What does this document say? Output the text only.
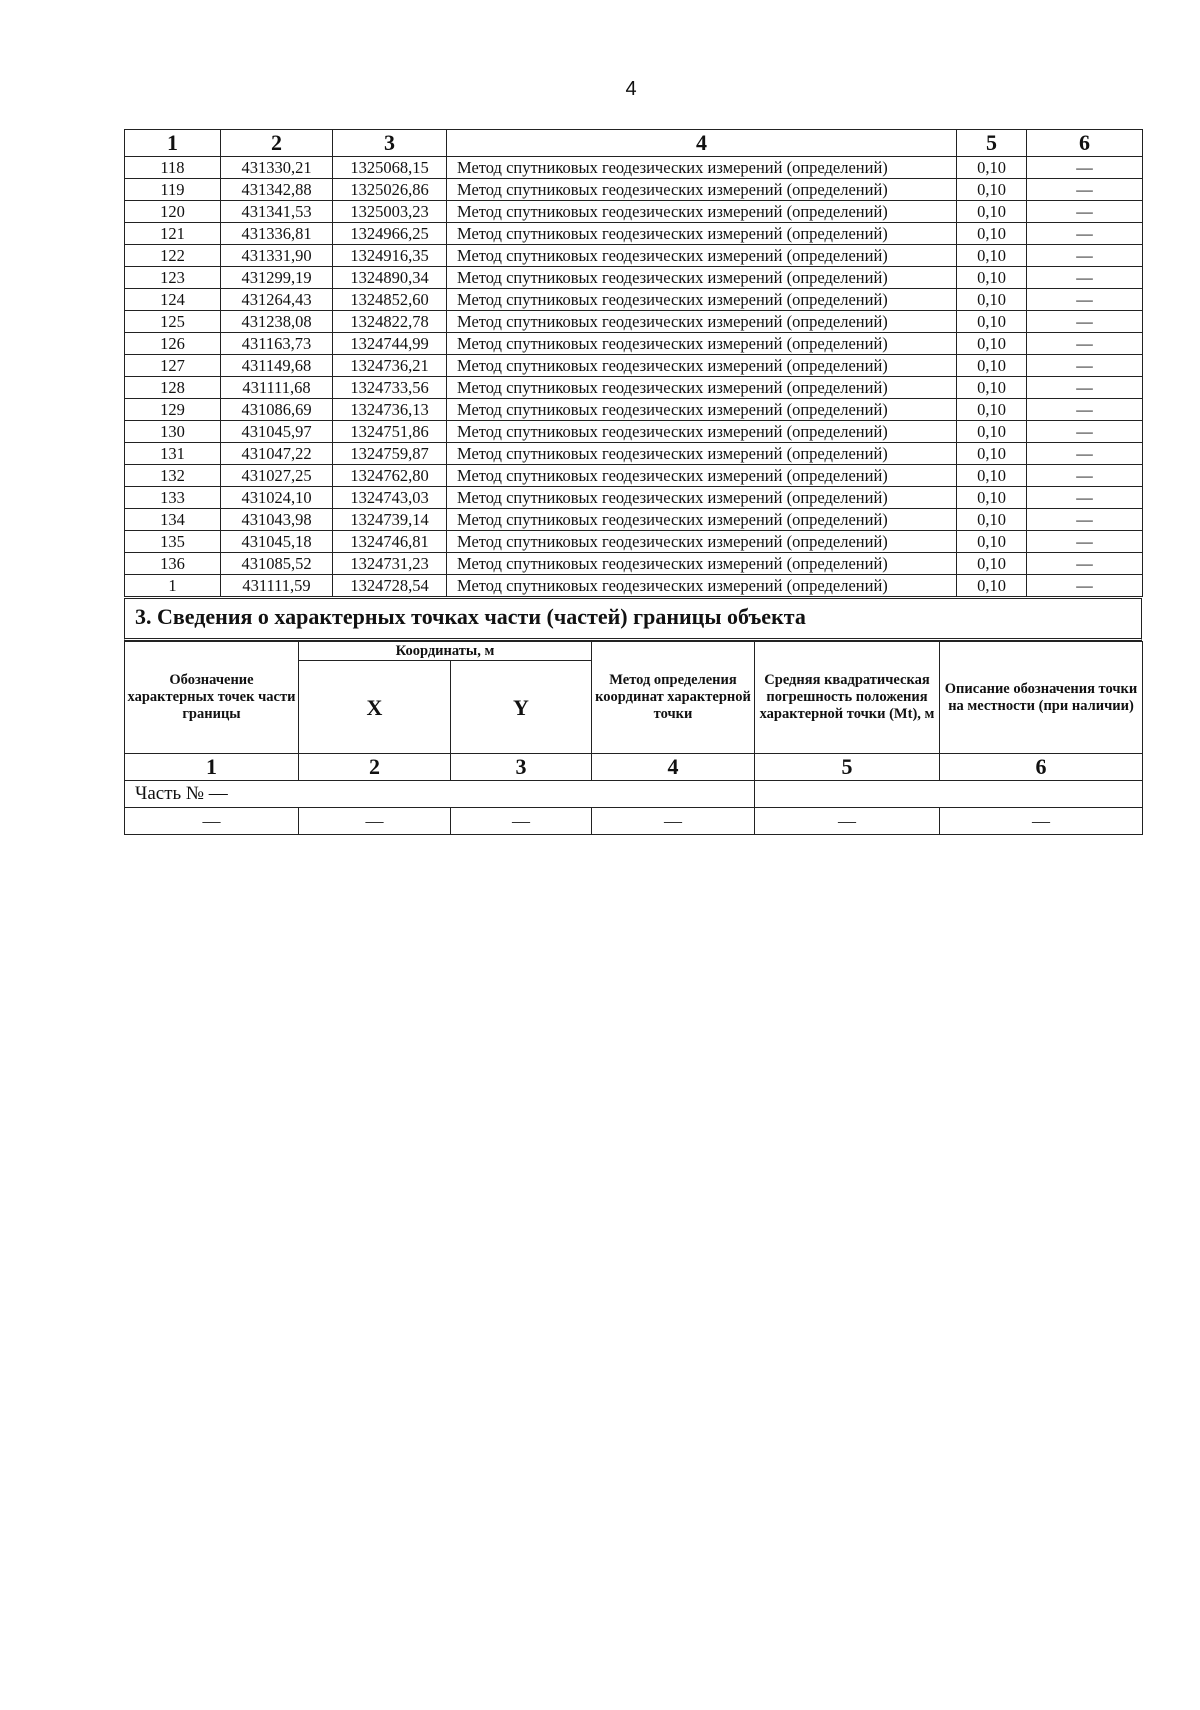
4
1	2	3	4	5	6
118	431330,21	1325068,15	Метод спутниковых геодезических измерений (определений)	0,10	—
119	431342,88	1325026,86	Метод спутниковых геодезических измерений (определений)	0,10	—
120	431341,53	1325003,23	Метод спутниковых геодезических измерений (определений)	0,10	—
121	431336,81	1324966,25	Метод спутниковых геодезических измерений (определений)	0,10	—
122	431331,90	1324916,35	Метод спутниковых геодезических измерений (определений)	0,10	—
123	431299,19	1324890,34	Метод спутниковых геодезических измерений (определений)	0,10	—
124	431264,43	1324852,60	Метод спутниковых геодезических измерений (определений)	0,10	—
125	431238,08	1324822,78	Метод спутниковых геодезических измерений (определений)	0,10	—
126	431163,73	1324744,99	Метод спутниковых геодезических измерений (определений)	0,10	—
127	431149,68	1324736,21	Метод спутниковых геодезических измерений (определений)	0,10	—
128	431111,68	1324733,56	Метод спутниковых геодезических измерений (определений)	0,10	—
129	431086,69	1324736,13	Метод спутниковых геодезических измерений (определений)	0,10	—
130	431045,97	1324751,86	Метод спутниковых геодезических измерений (определений)	0,10	—
131	431047,22	1324759,87	Метод спутниковых геодезических измерений (определений)	0,10	—
132	431027,25	1324762,80	Метод спутниковых геодезических измерений (определений)	0,10	—
133	431024,10	1324743,03	Метод спутниковых геодезических измерений (определений)	0,10	—
134	431043,98	1324739,14	Метод спутниковых геодезических измерений (определений)	0,10	—
135	431045,18	1324746,81	Метод спутниковых геодезических измерений (определений)	0,10	—
136	431085,52	1324731,23	Метод спутниковых геодезических измерений (определений)	0,10	—
1	431111,59	1324728,54	Метод спутниковых геодезических измерений (определений)	0,10	—
3. Сведения о характерных точках части (частей) границы объекта
Обозначение характерных точек части границы	Координаты, м		Метод определения координат характерной точки	Средняя квадратическая погрешность положения характерной точки (Mt), м	Описание обозначения точки на местности (при наличии)
	X	Y			
1	2	3	4	5	6
Часть № —					
—	—	—	—	—	—
